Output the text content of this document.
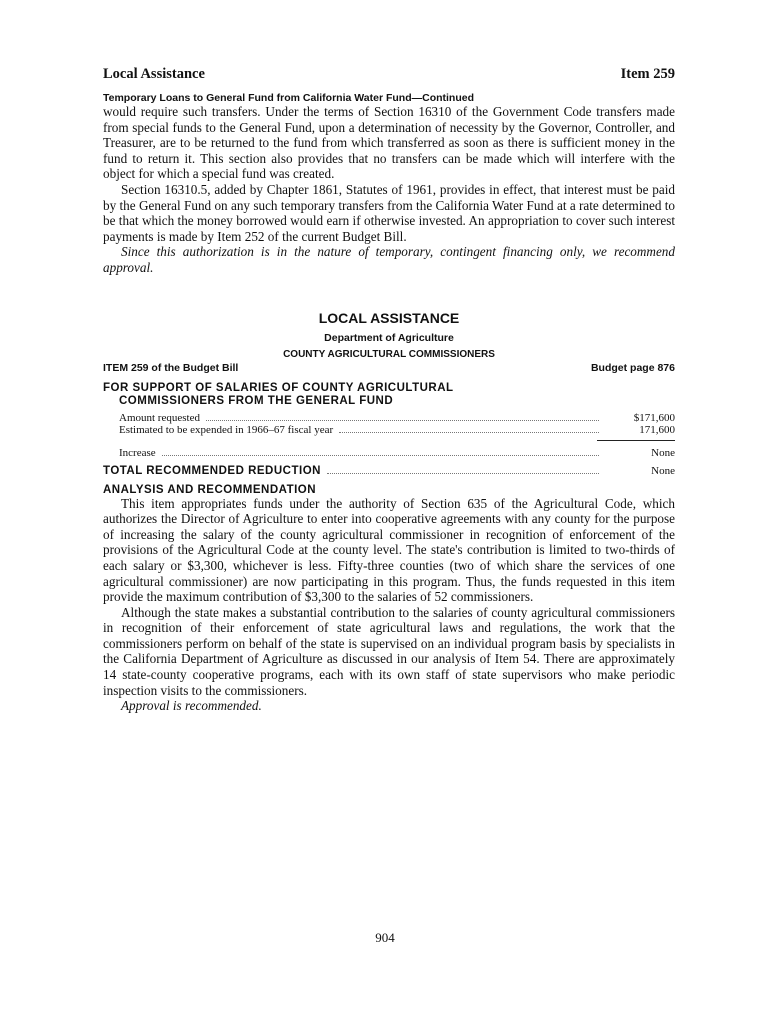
Local Assistance	Item 259
Temporary Loans to General Fund from California Water Fund—Continued

would require such transfers. Under the terms of Section 16310 of the Government Code transfers made from special funds to the General Fund, upon a determination of necessity by the Governor, Controller, and Treasurer, are to be returned to the fund from which transferred as soon as there is sufficient money in the fund to return it. This section also provides that no transfers can be made which will interfere with the object for which a special fund was created.

Section 16310.5, added by Chapter 1861, Statutes of 1961, provides in effect, that interest must be paid by the General Fund on any such temporary transfers from the California Water Fund at a rate determined to be that which the money borrowed would earn if otherwise invested. An appropriation to cover such interest payments is made by Item 252 of the current Budget Bill.

Since this authorization is in the nature of temporary, contingent financing only, we recommend approval.

LOCAL ASSISTANCE
Department of Agriculture
COUNTY AGRICULTURAL COMMISSIONERS
ITEM 259 of the Budget Bill	Budget page 876
FOR SUPPORT OF SALARIES OF COUNTY AGRICULTURAL
COMMISSIONERS FROM THE GENERAL FUND
Amount requested	$171,600
Estimated to be expended in 1966–67 fiscal year	171,600
Increase	None
TOTAL RECOMMENDED REDUCTION	None
ANALYSIS AND RECOMMENDATION

This item appropriates funds under the authority of Section 635 of the Agricultural Code, which authorizes the Director of Agriculture to enter into cooperative agreements with any county for the purpose of increasing the salary of the county agricultural commissioner in recognition of enforcement of the provisions of the Agricultural Code at the county level. The state's contribution is limited to two-thirds of each salary or $3,300, whichever is less. Fifty-three counties (two of which share the services of one agricultural commissioner) are now participating in this program. Thus, the funds requested in this item provide the maximum contribution of $3,300 to the salaries of 52 commissioners.

Although the state makes a substantial contribution to the salaries of county agricultural commissioners in recognition of their enforcement of state agricultural laws and regulations, the work that the commissioners perform on behalf of the state is supervised on an individual program basis by specialists in the California Department of Agriculture as discussed in our analysis of Item 54. There are approximately 14 state-county cooperative programs, each with its own staff of state supervisors who make periodic inspection visits to the commissioners.

Approval is recommended.

904
